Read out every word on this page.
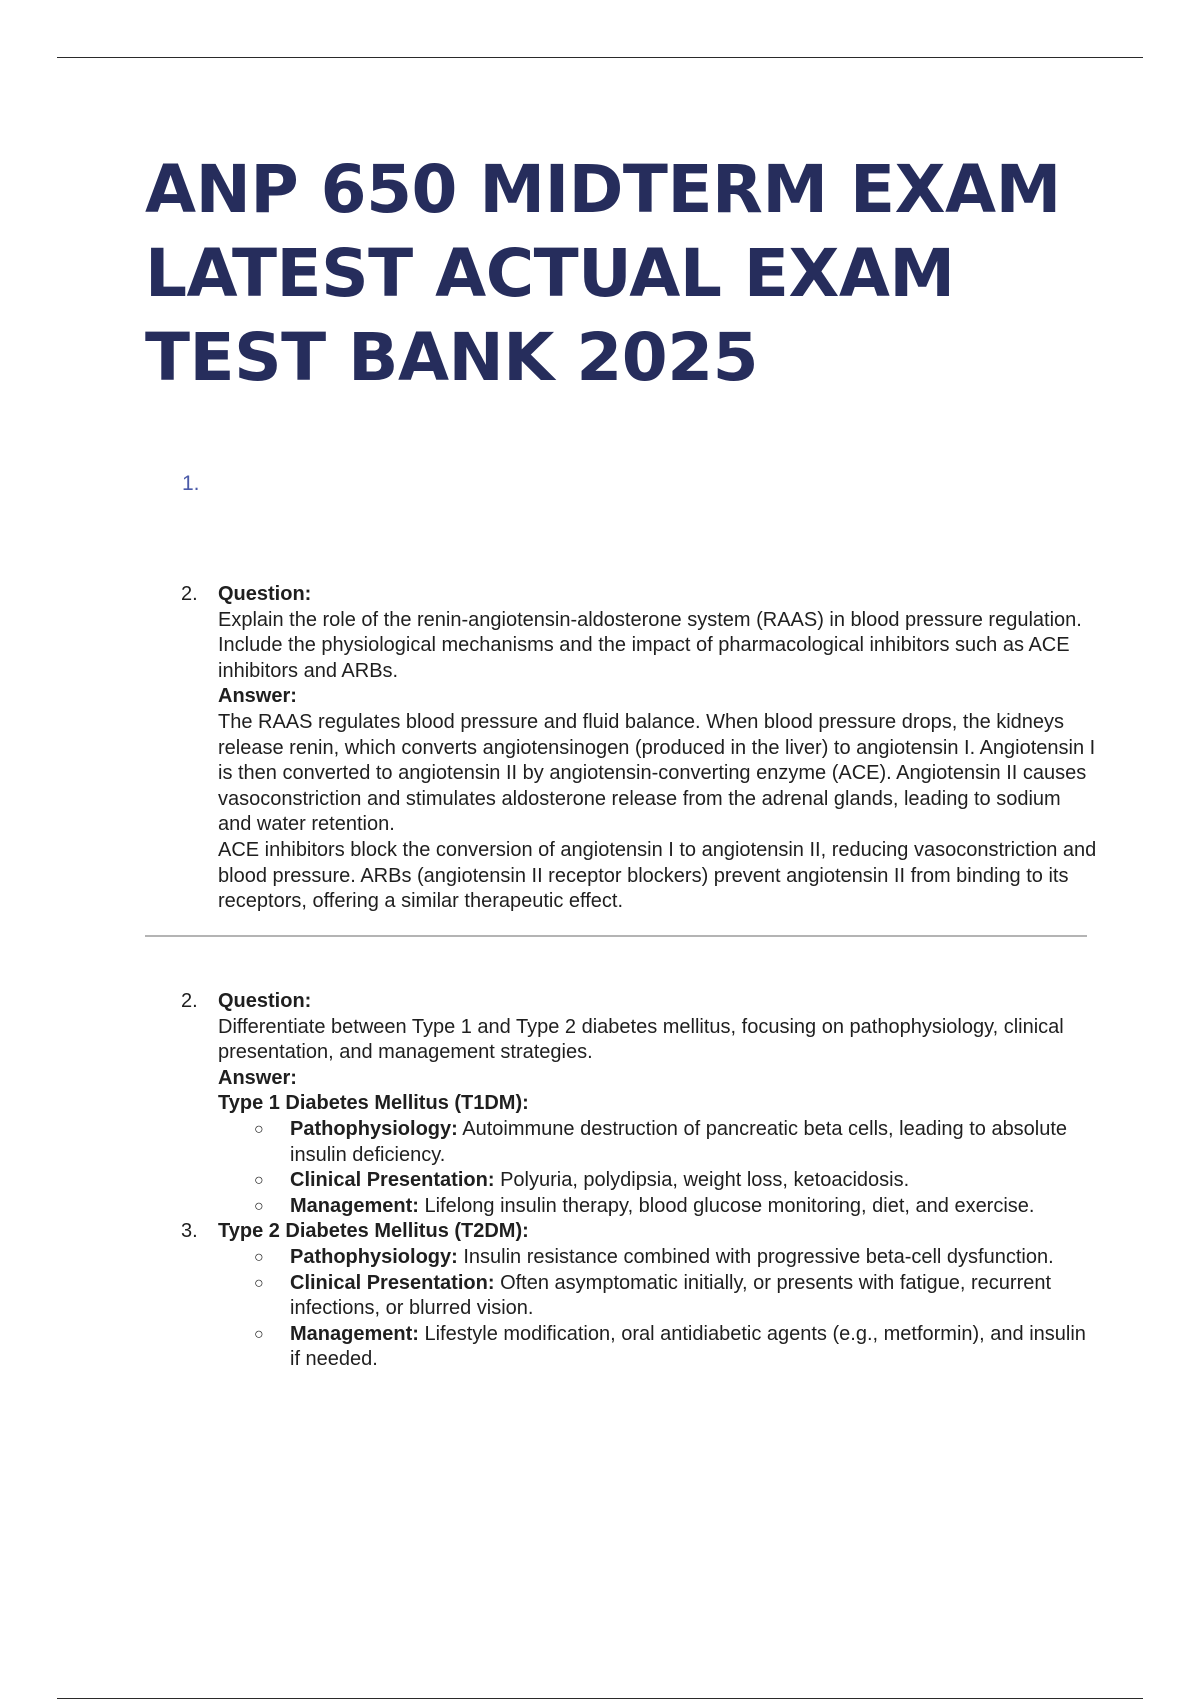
ANP 650 MIDTERM EXAM
LATEST ACTUAL EXAM
TEST BANK 2025
1.
2. Question:

Explain the role of the renin-angiotensin-aldosterone system (RAAS) in blood pressure regulation. Include the physiological mechanisms and the impact of pharmacological inhibitors such as ACE inhibitors and ARBs.

Answer:

The RAAS regulates blood pressure and fluid balance. When blood pressure drops, the kidneys release renin, which converts angiotensinogen (produced in the liver) to angiotensin I. Angiotensin I is then converted to angiotensin II by angiotensin-converting enzyme (ACE). Angiotensin II causes vasoconstriction and stimulates aldosterone release from the adrenal glands, leading to sodium and water retention.

ACE inhibitors block the conversion of angiotensin I to angiotensin II, reducing vasoconstriction and blood pressure. ARBs (angiotensin II receptor blockers) prevent angiotensin II from binding to its receptors, offering a similar therapeutic effect.

2. Question:

Differentiate between Type 1 and Type 2 diabetes mellitus, focusing on pathophysiology, clinical presentation, and management strategies.

Answer:

Type 1 Diabetes Mellitus (T1DM):

○ Pathophysiology: Autoimmune destruction of pancreatic beta cells, leading to absolute insulin deficiency.
○ Clinical Presentation: Polyuria, polydipsia, weight loss, ketoacidosis.
○ Management: Lifelong insulin therapy, blood glucose monitoring, diet, and exercise.
3. Type 2 Diabetes Mellitus (T2DM):

○ Pathophysiology: Insulin resistance combined with progressive beta-cell dysfunction.
○ Clinical Presentation: Often asymptomatic initially, or presents with fatigue, recurrent infections, or blurred vision.
○ Management: Lifestyle modification, oral antidiabetic agents (e.g., metformin), and insulin if needed.
